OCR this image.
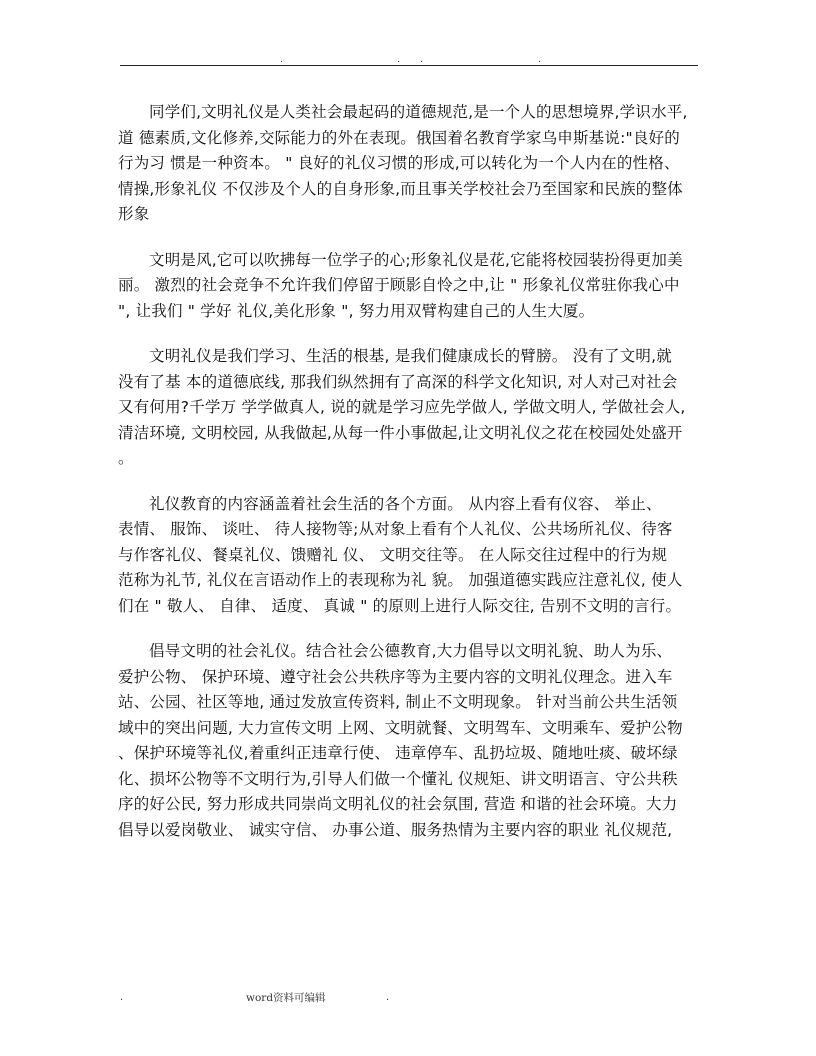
.	. .	.
同学们,文明礼仪是人类社会最起码的道德规范,是一个人的思想境界,学识水平,
道 德素质,文化修养,交际能力的外在表现。俄国着名教育学家乌申斯基说:"良好的
行为习 惯是一种资本。 " 良好的礼仪习惯的形成,可以转化为一个人内在的性格、
情操,形象礼仪 不仅涉及个人的自身形象,而且事关学校社会乃至国家和民族的整体
形象
文明是风,它可以吹拂每一位学子的心;形象礼仪是花,它能将校园装扮得更加美
丽。 激烈的社会竞争不允许我们停留于顾影自怜之中,让 " 形象礼仪常驻你我心中
", 让我们 " 学好 礼仪,美化形象 ", 努力用双臂构建自己的人生大厦。
文明礼仪是我们学习、生活的根基, 是我们健康成长的臂膀。 没有了文明,就
没有了基 本的道德底线, 那我们纵然拥有了高深的科学文化知识, 对人对己对社会
又有何用?千学万 学学做真人, 说的就是学习应先学做人, 学做文明人, 学做社会人,
清洁环境, 文明校园, 从我做起,从每一件小事做起,让文明礼仪之花在校园处处盛开
。
礼仪教育的内容涵盖着社会生活的各个方面。 从内容上看有仪容、 举止、
表情、 服饰、 谈吐、 待人接物等;从对象上看有个人礼仪、公共场所礼仪、待客
与作客礼仪、餐桌礼仪、馈赠礼 仪、 文明交往等。 在人际交往过程中的行为规
范称为礼节, 礼仪在言语动作上的表现称为礼 貌。 加强道德实践应注意礼仪, 使人
们在 " 敬人、 自律、 适度、 真诚 " 的原则上进行人际交往, 告别不文明的言行。
倡导文明的社会礼仪。结合社会公德教育,大力倡导以文明礼貌、助人为乐、
爱护公物、 保护环境、遵守社会公共秩序等为主要内容的文明礼仪理念。进入车
站、公园、社区等地, 通过发放宣传资料, 制止不文明现象。 针对当前公共生活领
域中的突出问题, 大力宣传文明 上网、文明就餐、文明驾车、文明乘车、爱护公物
、保护环境等礼仪,着重纠正违章行使、 违章停车、乱扔垃圾、随地吐痰、破坏绿
化、损坏公物等不文明行为,引导人们做一个懂礼 仪规矩、讲文明语言、守公共秩
序的好公民, 努力形成共同崇尚文明礼仪的社会氛围, 营造 和谐的社会环境。大力
倡导以爱岗敬业、 诚实守信、 办事公道、服务热情为主要内容的职业 礼仪规范,
.	word资料可编辑	.
